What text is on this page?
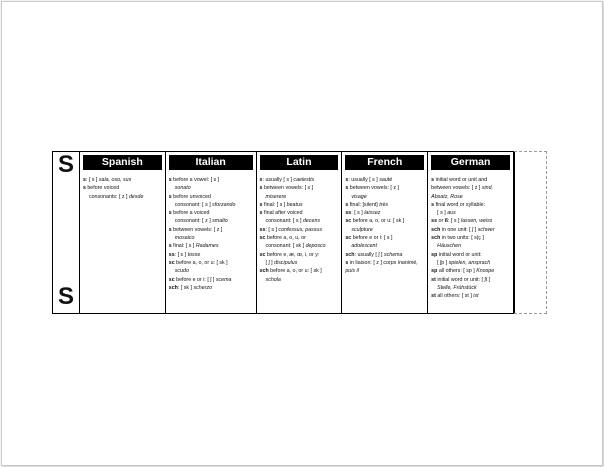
S
S
Spanish
s: [ s ] sala, oso, sus
s before voiced
consonants: [ z ] desde
Italian
s before a vowel: [ s ]
sonato
s before unvoiced
consonant: [ s ] sforzando
s before a voiced
consonant: [ z ] smalto
s between vowels: [ z ]
mosaico
s final: [ s ] Radames
ss: [ s ] tosse
sc before a, o, or u: [ sk ]
scudo
sc before e or i: [ ʃ ] scema
sch: [ sk ] scherzo
Latin
s: usually [ s ] caelestis
s between vowels: [ s ]
miserere
s final: [ s ] beatus
s final after voiced
consonant: [ s ] decens
ss: [ s ] confessus, passus
sc before a, o, u, or
consonant: [ sk ] deposco
sc before e, æ, œ, i, or y:
[ ʃ ] discipulus
sch before a, o, or u: [ sk ]
schola
French
s: usually [ s ] sauté
s between vowels: [ z ]
visage
s final: [silent] très
ss: [ s ] laissez
sc before a, o, or u: [ sk ]
sculpture
sc before e or i: [ s ]
adolescent
sch: usually [ ʃ ] schema
s in liaison: [ z ] corps inanimé,
puis il
German
s initial word or unit and
between vowels: [ z ] sind,
Absatz, Rose
s final word or syllable:
[ s ] aus
ss or ß: [ s ] lassen, weiss
sch in one unit: [ ʃ ] schwer
sch in two units: [ s|ç ]
Häuschen
sp initial word or unit:
[ ʃp ] spielen, ansprach
sp all others: [ sp ] Knospe
st initial word or unit: [ ʃt ]
Stelle, Frühstück
st all others: [ st ] ist
